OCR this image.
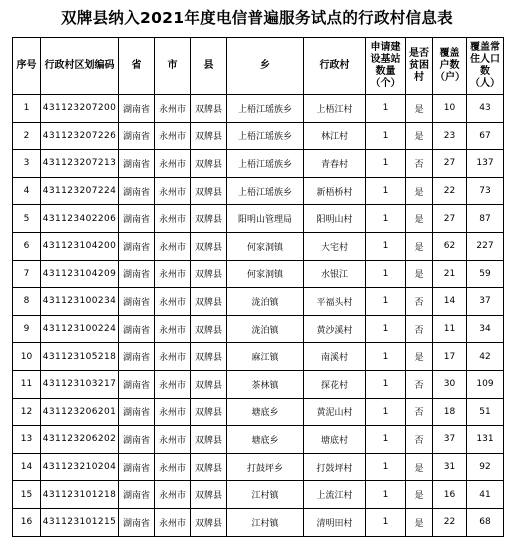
双牌县纳入2021年度电信普遍服务试点的行政村信息表
序号	行政村区划编码	省	市	县	乡	行政村	申请建设基站数量（个）	是否贫困村	覆盖户数（户）	覆盖常住人口数（人）

1	431123207200	湖南省	永州市	双牌县	上梧江瑶族乡	上梧江村	1	是	10	43
2	431123207226	湖南省	永州市	双牌县	上梧江瑶族乡	林江村	1	是	23	67
3	431123207213	湖南省	永州市	双牌县	上梧江瑶族乡	青春村	1	否	27	137
4	431123207224	湖南省	永州市	双牌县	上梧江瑶族乡	新梧桥村	1	是	22	73
5	431123402206	湖南省	永州市	双牌县	阳明山管理局	阳明山村	1	是	27	87
6	431123104200	湖南省	永州市	双牌县	何家洞镇	大宅村	1	是	62	227
7	431123104209	湖南省	永州市	双牌县	何家洞镇	水银江	1	是	21	59
8	431123100234	湖南省	永州市	双牌县	泷泊镇	平福头村	1	否	14	37
9	431123100224	湖南省	永州市	双牌县	泷泊镇	黄沙溪村	1	否	11	34
10	431123105218	湖南省	永州市	双牌县	麻江镇	南溪村	1	是	17	42
11	431123103217	湖南省	永州市	双牌县	茶林镇	探花村	1	否	30	109
12	431123206201	湖南省	永州市	双牌县	塘底乡	黄泥山村	1	否	18	51
13	431123206202	湖南省	永州市	双牌县	塘底乡	塘底村	1	否	37	131
14	431123210204	湖南省	永州市	双牌县	打鼓坪乡	打鼓坪村	1	是	31	92
15	431123101218	湖南省	永州市	双牌县	江村镇	上流江村	1	是	16	41
16	431123101215	湖南省	永州市	双牌县	江村镇	清明田村	1	是	22	68
